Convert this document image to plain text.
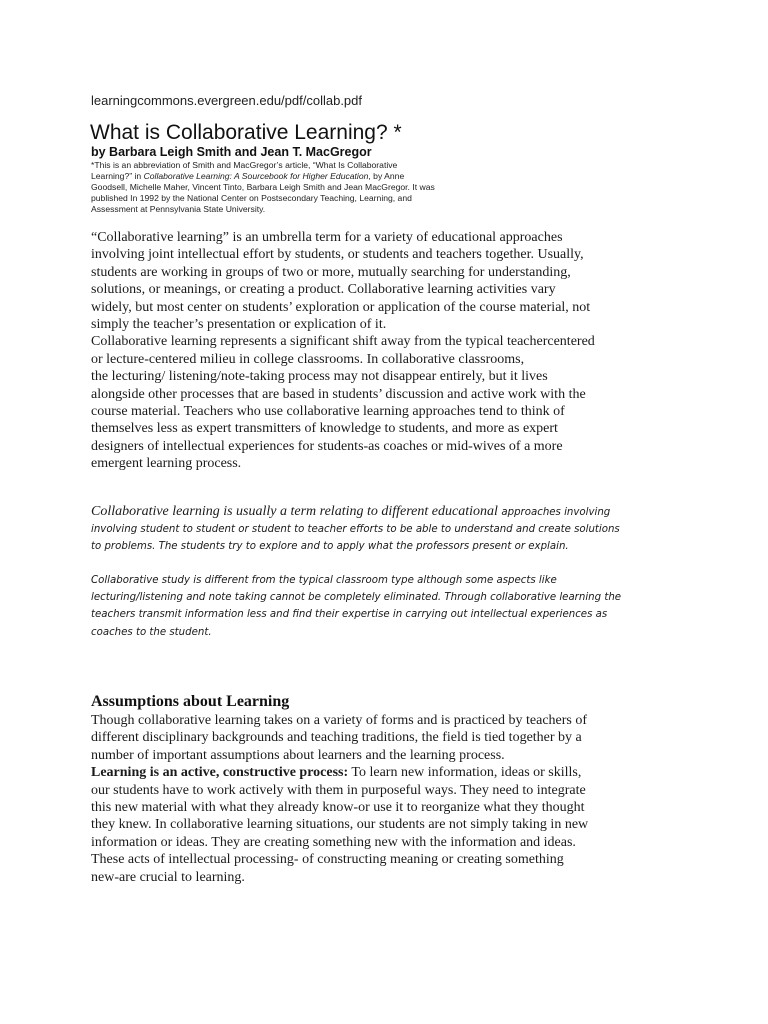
learningcommons.evergreen.edu/pdf/collab.pdf
What is Collaborative Learning? *
by Barbara Leigh Smith and Jean T. MacGregor

*This is an abbreviation of Smith and MacGregor’s article, “What Is Collaborative

Learning?” in Collaborative Learning: A Sourcebook for Higher Education, by Anne

Goodsell, Michelle Maher, Vincent Tinto, Barbara Leigh Smith and Jean MacGregor. It was

published In 1992 by the National Center on Postsecondary Teaching, Learning, and

Assessment at Pennsylvania State University.

“Collaborative learning” is an umbrella term for a variety of educational approaches

involving joint intellectual effort by students, or students and teachers together. Usually,

students are working in groups of two or more, mutually searching for understanding,

solutions, or meanings, or creating a product. Collaborative learning activities vary

widely, but most center on students’ exploration or application of the course material, not

simply the teacher’s presentation or explication of it.

Collaborative learning represents a significant shift away from the typical teachercentered

or lecture-centered milieu in college classrooms. In collaborative classrooms,

the lecturing/ listening/note-taking process may not disappear entirely, but it lives

alongside other processes that are based in students’ discussion and active work with the

course material. Teachers who use collaborative learning approaches tend to think of

themselves less as expert transmitters of knowledge to students, and more as expert

designers of intellectual experiences for students-as coaches or mid-wives of a more

emergent learning process.

Collaborative learning is usually a term relating to different educational approaches involving

involving student to student or student to teacher efforts to be able to understand and create solutions

to problems. The students try to explore and to apply what the professors present or explain.

Collaborative study is different from the typical classroom type although some aspects like

lecturing/listening and note taking cannot be completely eliminated. Through collaborative learning the

teachers transmit information less and find their expertise in carrying out intellectual experiences as

coaches to the student.

Assumptions about Learning

Though collaborative learning takes on a variety of forms and is practiced by teachers of

different disciplinary backgrounds and teaching traditions, the field is tied together by a

number of important assumptions about learners and the learning process.

Learning is an active, constructive process: To learn new information, ideas or skills,

our students have to work actively with them in purposeful ways. They need to integrate

this new material with what they already know-or use it to reorganize what they thought

they knew. In collaborative learning situations, our students are not simply taking in new

information or ideas. They are creating something new with the information and ideas.

These acts of intellectual processing- of constructing meaning or creating something

new-are crucial to learning.
